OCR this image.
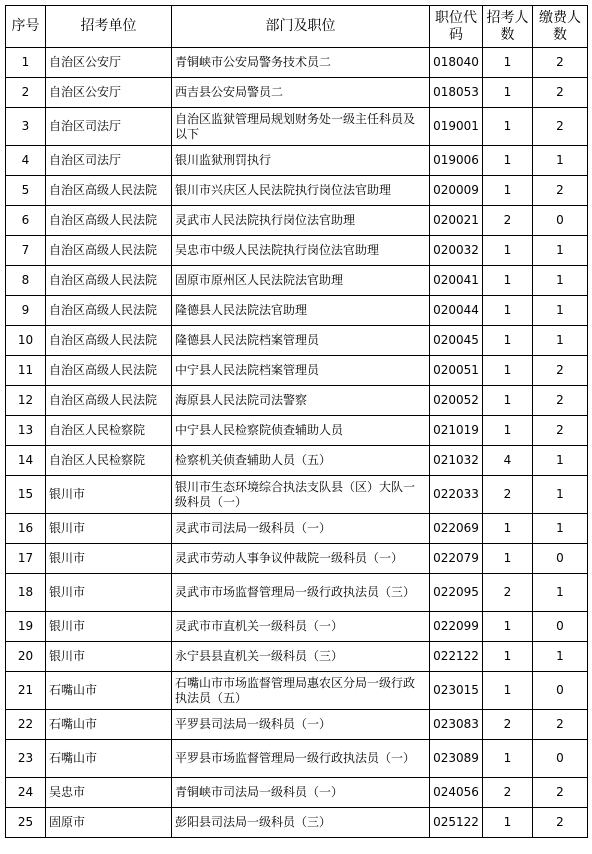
序号	招考单位	部门及职位	职位代码	招考人数	缴费人数
1	自治区公安厅	青铜峡市公安局警务技术员二	018040	1	2
2	自治区公安厅	西吉县公安局警员二	018053	1	2
3	自治区司法厅	自治区监狱管理局规划财务处一级主任科员及以下	019001	1	2
4	自治区司法厅	银川监狱刑罚执行	019006	1	1
5	自治区高级人民法院	银川市兴庆区人民法院执行岗位法官助理	020009	1	2
6	自治区高级人民法院	灵武市人民法院执行岗位法官助理	020021	2	0
7	自治区高级人民法院	吴忠市中级人民法院执行岗位法官助理	020032	1	1
8	自治区高级人民法院	固原市原州区人民法院法官助理	020041	1	1
9	自治区高级人民法院	隆德县人民法院法官助理	020044	1	1
10	自治区高级人民法院	隆德县人民法院档案管理员	020045	1	1
11	自治区高级人民法院	中宁县人民法院档案管理员	020051	1	2
12	自治区高级人民法院	海原县人民法院司法警察	020052	1	2
13	自治区人民检察院	中宁县人民检察院侦查辅助人员	021019	1	2
14	自治区人民检察院	检察机关侦查辅助人员（五）	021032	4	1
15	银川市	银川市生态环境综合执法支队县（区）大队一级科员（一）	022033	2	1
16	银川市	灵武市司法局一级科员（一）	022069	1	1
17	银川市	灵武市劳动人事争议仲裁院一级科员（一）	022079	1	0
18	银川市	灵武市市场监督管理局一级行政执法员（三）	022095	2	1
19	银川市	灵武市市直机关一级科员（一）	022099	1	0
20	银川市	永宁县县直机关一级科员（三）	022122	1	1
21	石嘴山市	石嘴山市市场监督管理局惠农区分局一级行政执法员（五）	023015	1	0
22	石嘴山市	平罗县司法局一级科员（一）	023083	2	2
23	石嘴山市	平罗县市场监督管理局一级行政执法员（一）	023089	1	0
24	吴忠市	青铜峡市司法局一级科员（一）	024056	2	2
25	固原市	彭阳县司法局一级科员（三）	025122	1	2
